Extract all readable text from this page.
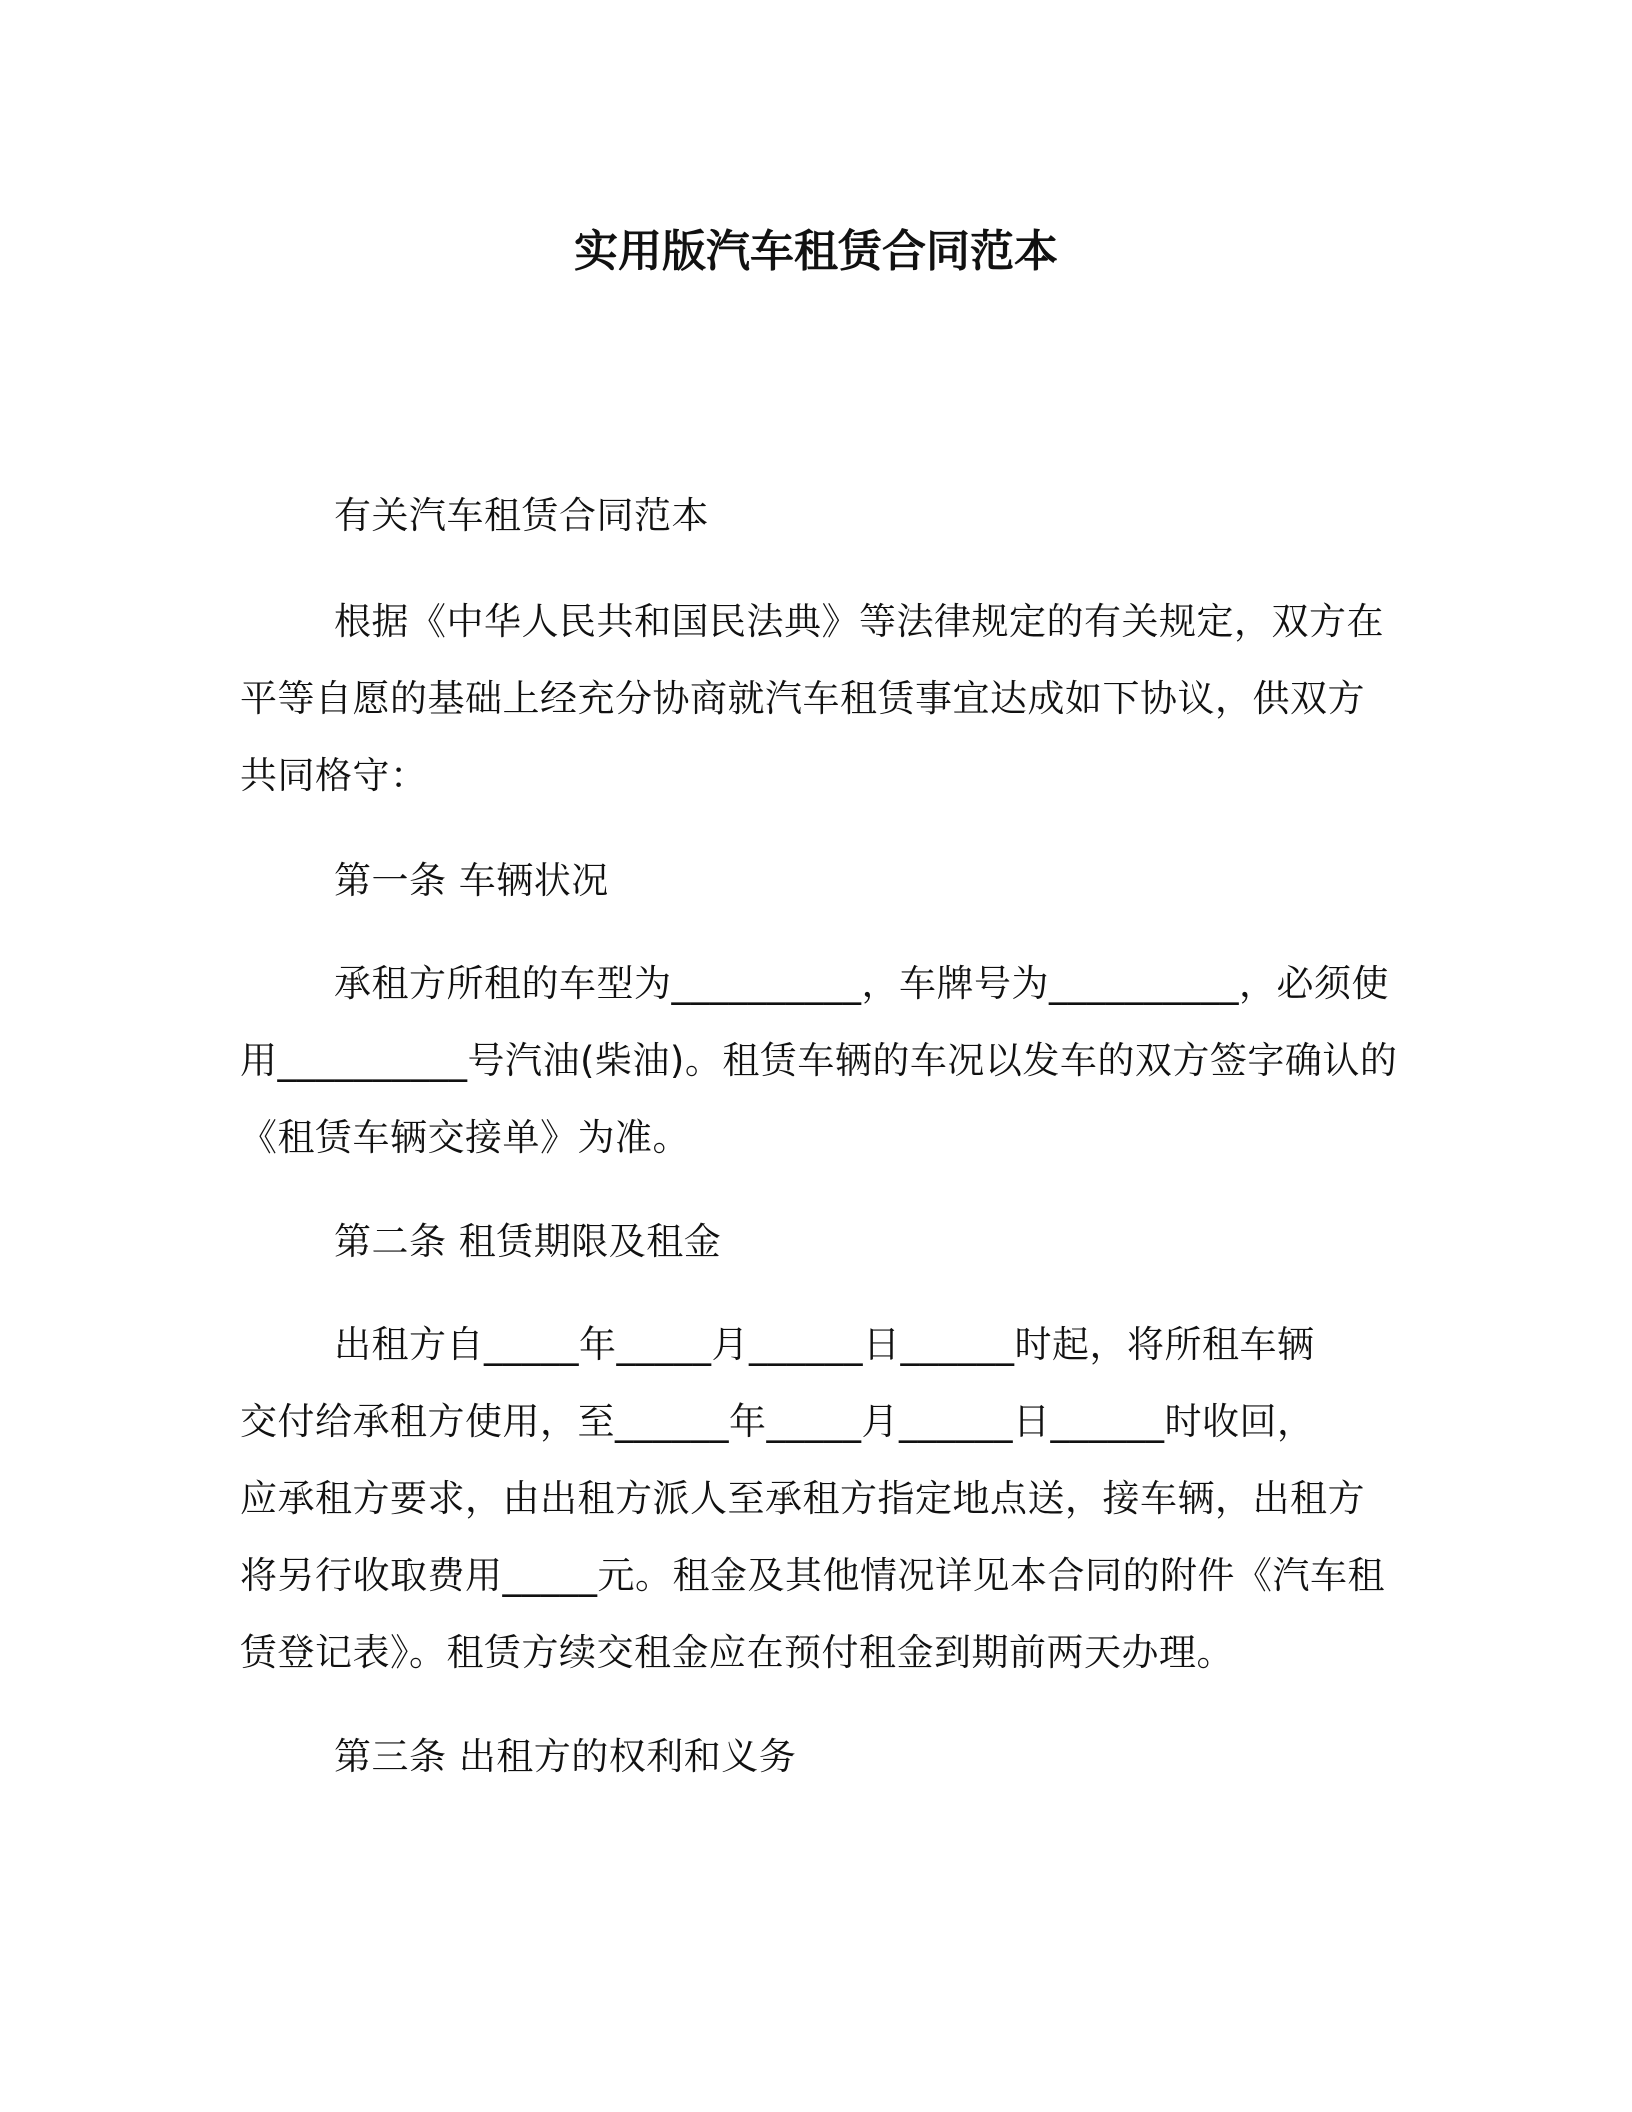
实用版汽车租赁合同范本
有关汽车租赁合同范本
根据《中华人民共和国民法典》等法律规定的有关规定，双方在
平等自愿的基础上经充分协商就汽车租赁事宜达成如下协议，供双方
共同格守：
第一条 车辆状况
承租方所租的车型为__________，车牌号为__________，必须使
用__________号汽油(柴油)。租赁车辆的车况以发车的双方签字确认的
《租赁车辆交接单》为准。
第二条 租赁期限及租金
出租方自_____年_____月______日______时起，将所租车辆
交付给承租方使用，至______年_____月______日______时收回，
应承租方要求，由出租方派人至承租方指定地点送，接车辆，出租方
将另行收取费用_____元。租金及其他情况详见本合同的附件《汽车租
赁登记表》。租赁方续交租金应在预付租金到期前两天办理。
第三条 出租方的权利和义务
